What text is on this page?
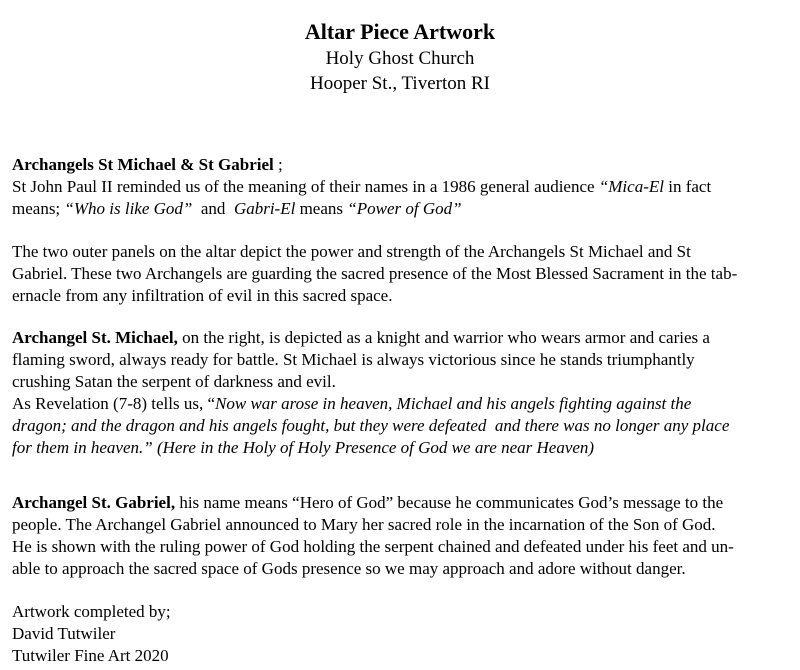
Altar Piece Artwork
Holy Ghost Church
Hooper St., Tiverton RI
Archangels St Michael & St Gabriel ;
St John Paul II reminded us of the meaning of their names in a 1986 general audience “Mica-El in fact
means; “Who is like God”  and  Gabri-El means “Power of God”
The two outer panels on the altar depict the power and strength of the Archangels St Michael and St
Gabriel. These two Archangels are guarding the sacred presence of the Most Blessed Sacrament in the tab-
ernacle from any infiltration of evil in this sacred space.
Archangel St. Michael, on the right, is depicted as a knight and warrior who wears armor and caries a
flaming sword, always ready for battle. St Michael is always victorious since he stands triumphantly
crushing Satan the serpent of darkness and evil.
As Revelation (7-8) tells us, “Now war arose in heaven, Michael and his angels fighting against the
dragon; and the dragon and his angels fought, but they were defeated  and there was no longer any place
for them in heaven.” (Here in the Holy of Holy Presence of God we are near Heaven)
Archangel St. Gabriel, his name means “Hero of God” because he communicates God’s message to the
people. The Archangel Gabriel announced to Mary her sacred role in the incarnation of the Son of God.
He is shown with the ruling power of God holding the serpent chained and defeated under his feet and un-
able to approach the sacred space of Gods presence so we may approach and adore without danger.
Artwork completed by;
David Tutwiler
Tutwiler Fine Art 2020
